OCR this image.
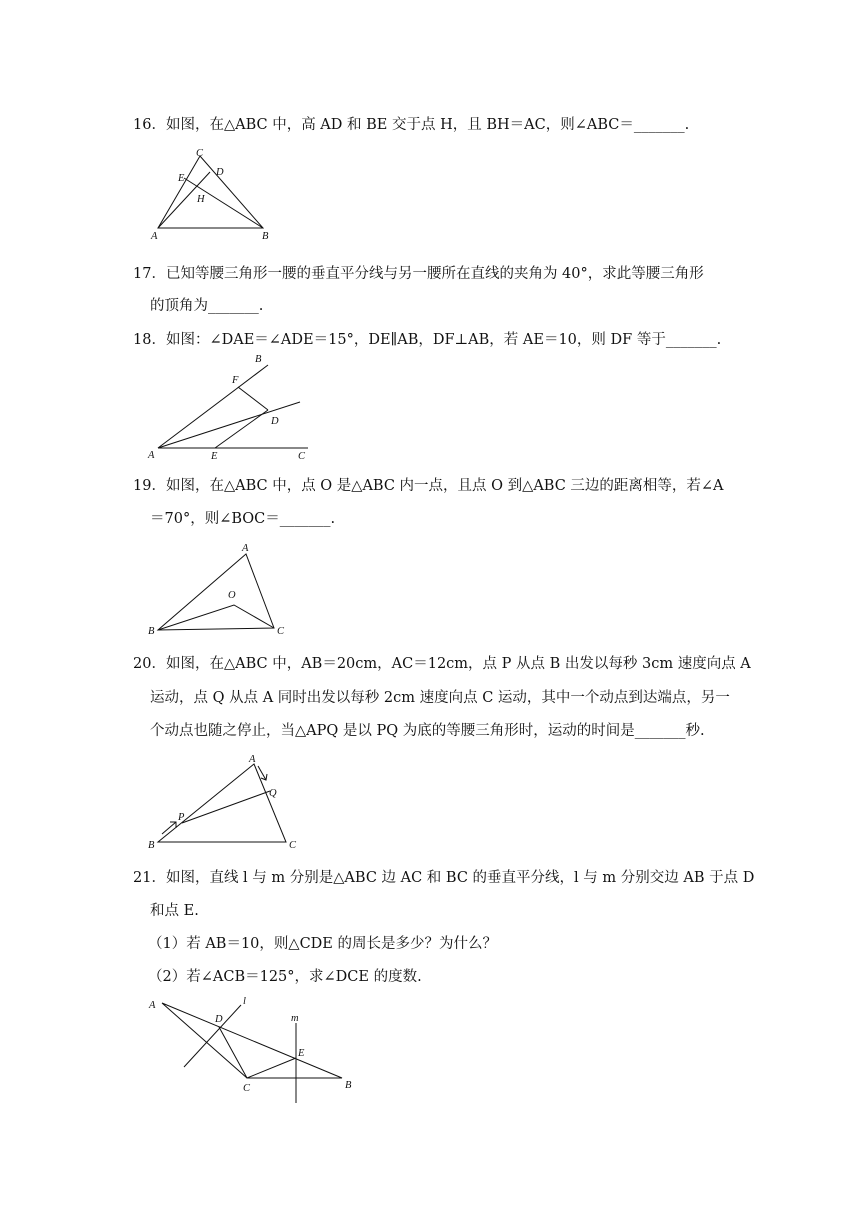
16．如图，在△ABC 中，高 AD 和 BE 交于点 H，且 BH＝AC，则∠ABC＝_______.
C
E
D
H
A	B
17．已知等腰三角形一腰的垂直平分线与另一腰所在直线的夹角为 40°，求此等腰三角形
的顶角为_______.
18．如图：∠DAE＝∠ADE＝15°，DE∥AB，DF⊥AB，若 AE＝10，则 DF 等于_______.
B
F
D
A	E	C
19．如图，在△ABC 中，点 O 是△ABC 内一点，且点 O 到△ABC 三边的距离相等，若∠A
＝70°，则∠BOC＝_______.
A
O
B	C
20．如图，在△ABC 中，AB＝20cm，AC＝12cm，点 P 从点 B 出发以每秒 3cm 速度向点 A
运动，点 Q 从点 A 同时出发以每秒 2cm 速度向点 C 运动，其中一个动点到达端点，另一
个动点也随之停止，当△APQ 是以 PQ 为底的等腰三角形时，运动的时间是_______秒.
A
Q
P
B	C
21．如图，直线 l 与 m 分别是△ABC 边 AC 和 BC 的垂直平分线，l 与 m 分别交边 AB 于点 D
和点 E.
（1）若 AB＝10，则△CDE 的周长是多少？为什么？
（2）若∠ACB＝125°，求∠DCE 的度数.
A	l
D	m
E
C	B
